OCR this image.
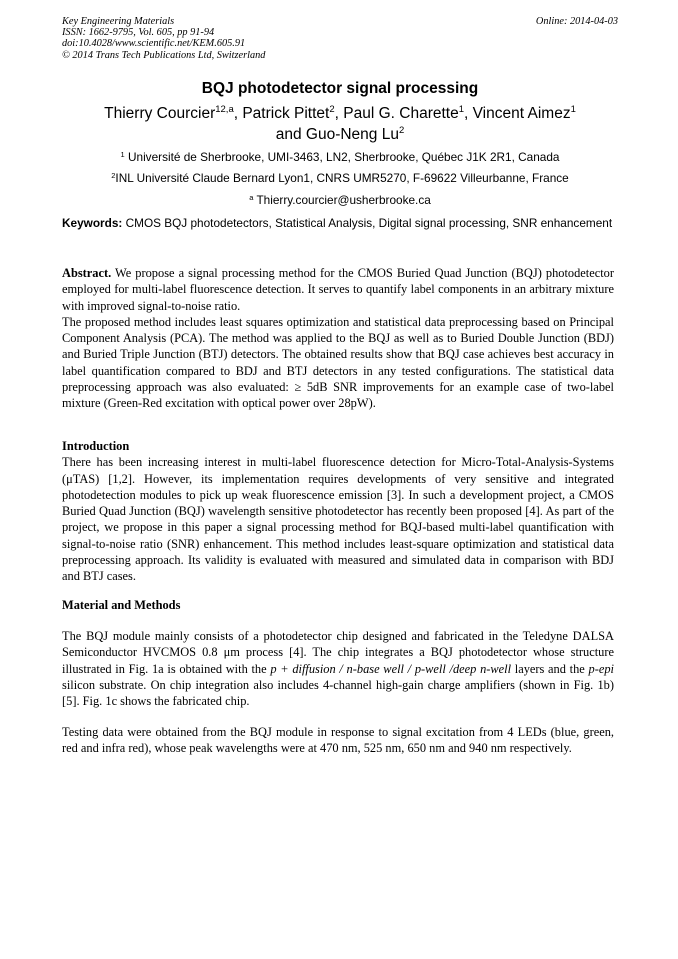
Key Engineering Materials
ISSN: 1662-9795, Vol. 605, pp 91-94
doi:10.4028/www.scientific.net/KEM.605.91
© 2014 Trans Tech Publications Ltd, Switzerland
Online: 2014-04-03
BQJ photodetector signal processing
Thierry Courcier$^{12,a}$, Patrick Pittet$^2$, Paul G. Charette$^1$, Vincent Aimez$^1$
and Guo-Neng Lu$^2$
$^1$ Université de Sherbrooke, UMI-3463, LN2, Sherbrooke, Québec J1K 2R1, Canada
$^2$INL Université Claude Bernard Lyon1, CNRS UMR5270, F-69622 Villeurbanne, France
$^a$ Thierry.courcier@usherbrooke.ca
Keywords: CMOS BQJ photodetectors, Statistical Analysis, Digital signal processing, SNR enhancement

Abstract. We propose a signal processing method for the CMOS Buried Quad Junction (BQJ) photodetector employed for multi-label fluorescence detection. It serves to quantify label components in an arbitrary mixture with improved signal-to-noise ratio.

The proposed method includes least squares optimization and statistical data preprocessing based on Principal Component Analysis (PCA). The method was applied to the BQJ as well as to Buried Double Junction (BDJ) and Buried Triple Junction (BTJ) detectors. The obtained results show that BQJ case achieves best accuracy in label quantification compared to BDJ and BTJ detectors in any tested configurations. The statistical data preprocessing approach was also evaluated: ≥ 5dB SNR improvements for an example case of two-label mixture (Green-Red excitation with optical power over 28pW).

Introduction

There has been increasing interest in multi-label fluorescence detection for Micro-Total-Analysis-Systems (μTAS) [1,2]. However, its implementation requires developments of very sensitive and integrated photodetection modules to pick up weak fluorescence emission [3]. In such a development project, a CMOS Buried Quad Junction (BQJ) wavelength sensitive photodetector has recently been proposed [4]. As part of the project, we propose in this paper a signal processing method for BQJ-based multi-label quantification with signal-to-noise ratio (SNR) enhancement. This method includes least-square optimization and statistical data preprocessing approach. Its validity is evaluated with measured and simulated data in comparison with BDJ and BTJ cases.

Material and Methods

The BQJ module mainly consists of a photodetector chip designed and fabricated in the Teledyne DALSA Semiconductor HVCMOS 0.8 μm process [4]. The chip integrates a BQJ photodetector whose structure illustrated in Fig. 1a is obtained with the p + diffusion / n-base well / p-well /deep n-well layers and the p-epi silicon substrate. On chip integration also includes 4-channel high-gain charge amplifiers (shown in Fig. 1b) [5]. Fig. 1c shows the fabricated chip.

Testing data were obtained from the BQJ module in response to signal excitation from 4 LEDs (blue, green, red and infra red), whose peak wavelengths were at 470 nm, 525 nm, 650 nm and 940 nm respectively.
